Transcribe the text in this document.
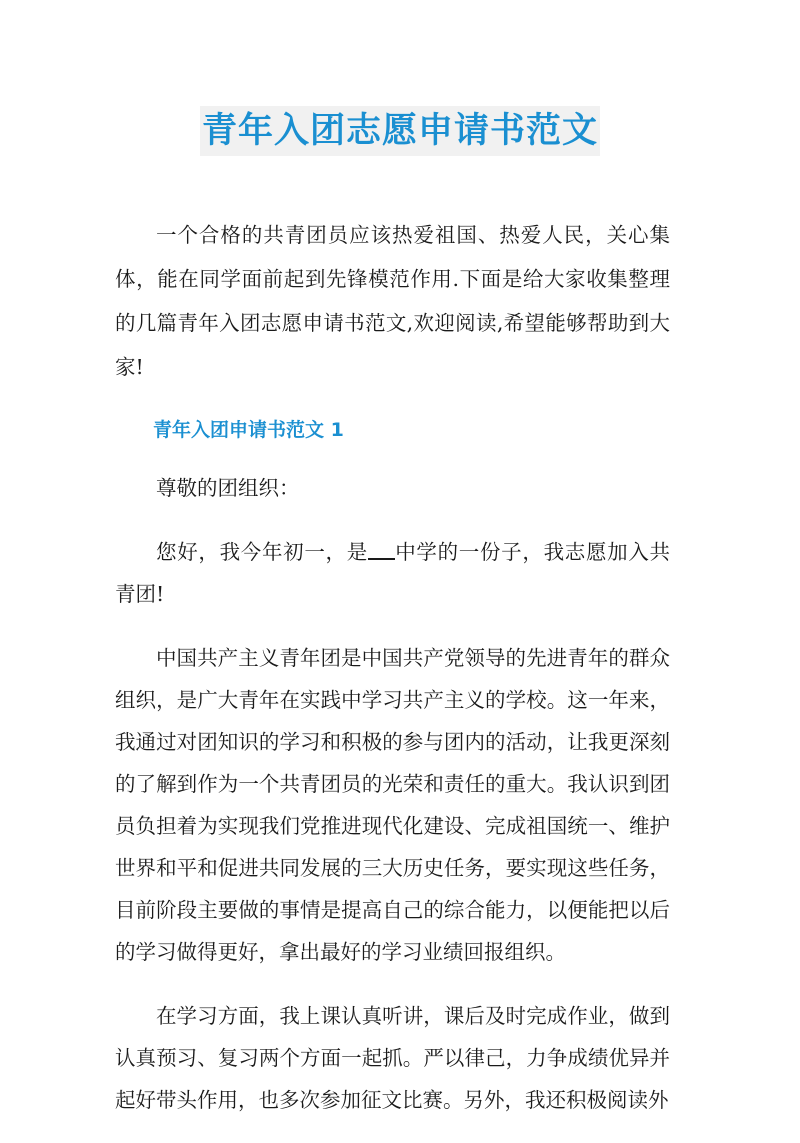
青年入团志愿申请书范文

一个合格的共青团员应该热爱祖国、热爱人民，关心集体，能在同学面前起到先锋模范作用.下面是给大家收集整理的几篇青年入团志愿申请书范文,欢迎阅读,希望能够帮助到大家!

青年入团申请书范文 1

尊敬的团组织：

您好，我今年初一，是 中学的一份子，我志愿加入共青团!

中国共产主义青年团是中国共产党领导的先进青年的群众组织，是广大青年在实践中学习共产主义的学校。这一年来，我通过对团知识的学习和积极的参与团内的活动，让我更深刻的了解到作为一个共青团员的光荣和责任的重大。我认识到团员负担着为实现我们党推进现代化建设、完成祖国统一、维护世界和平和促进共同发展的三大历史任务，要实现这些任务，目前阶段主要做的事情是提高自己的综合能力，以便能把以后的学习做得更好，拿出最好的学习业绩回报组织。

在学习方面，我上课认真听讲，课后及时完成作业，做到认真预习、复习两个方面一起抓。严以律己，力争成绩优异并起好带头作用，也多次参加征文比赛。另外，我还积极阅读外
